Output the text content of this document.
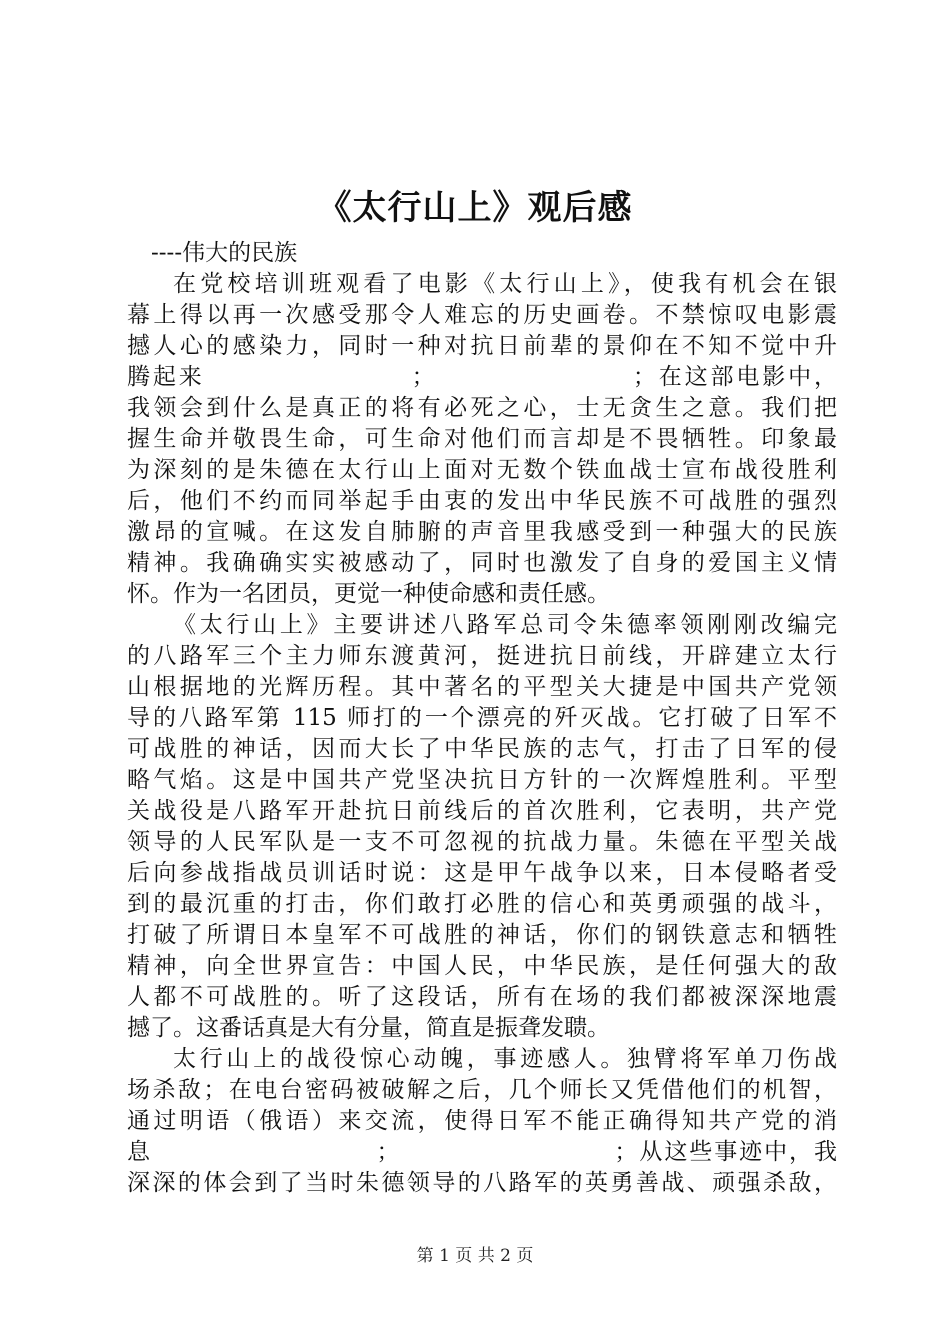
《太行山上》观后感
----伟大的民族
在党校培训班观看了电影《太行山上》，使我有机会在银
幕上得以再一次感受那令人难忘的历史画卷。不禁惊叹电影震
撼人心的感染力，同时一种对抗日前辈的景仰在不知不觉中升
腾起来　　　　　　　　；　　　　　　　　；在这部电影中，
我领会到什么是真正的将有必死之心，士无贪生之意。我们把
握生命并敬畏生命，可生命对他们而言却是不畏牺牲。印象最
为深刻的是朱德在太行山上面对无数个铁血战士宣布战役胜利
后，他们不约而同举起手由衷的发出中华民族不可战胜的强烈
激昂的宣喊。在这发自肺腑的声音里我感受到一种强大的民族
精神。我确确实实被感动了，同时也激发了自身的爱国主义情
怀。作为一名团员，更觉一种使命感和责任感。
《太行山上》主要讲述八路军总司令朱德率领刚刚改编完
的八路军三个主力师东渡黄河，挺进抗日前线，开辟建立太行
山根据地的光辉历程。其中著名的平型关大捷是中国共产党领
导的八路军第 115 师打的一个漂亮的歼灭战。它打破了日军不
可战胜的神话，因而大长了中华民族的志气，打击了日军的侵
略气焰。这是中国共产党坚决抗日方针的一次辉煌胜利。平型
关战役是八路军开赴抗日前线后的首次胜利，它表明，共产党
领导的人民军队是一支不可忽视的抗战力量。朱德在平型关战
后向参战指战员训话时说：这是甲午战争以来，日本侵略者受
到的最沉重的打击，你们敢打必胜的信心和英勇顽强的战斗，
打破了所谓日本皇军不可战胜的神话，你们的钢铁意志和牺牲
精神，向全世界宣告：中国人民，中华民族，是任何强大的敌
人都不可战胜的。听了这段话，所有在场的我们都被深深地震
撼了。这番话真是大有分量，简直是振聋发聩。
太行山上的战役惊心动魄，事迹感人。独臂将军单刀伤战
场杀敌；在电台密码被破解之后，几个师长又凭借他们的机智，
通过明语（俄语）来交流，使得日军不能正确得知共产党的消
息　　　　　　　　　；　　　　　　　　　；从这些事迹中，我
深深的体会到了当时朱德领导的八路军的英勇善战、顽强杀敌，
第 1 页 共 2 页
